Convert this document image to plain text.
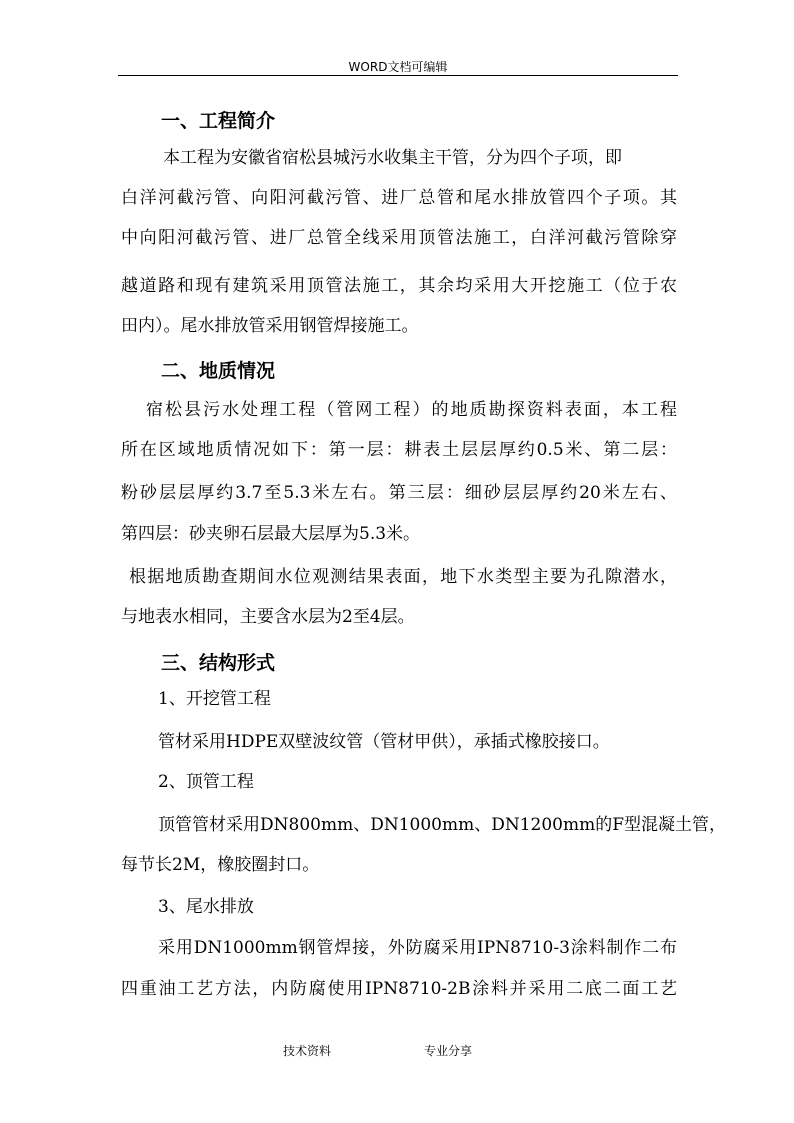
WORD文档可编辑
一、工程简介
本工程为安徽省宿松县城污水收集主干管，分为四个子项，即
白洋河截污管、向阳河截污管、进厂总管和尾水排放管四个子项。其
中向阳河截污管、进厂总管全线采用顶管法施工，白洋河截污管除穿
越道路和现有建筑采用顶管法施工，其余均采用大开挖施工（位于农
田内）。尾水排放管采用钢管焊接施工。
二、地质情况
宿松县污水处理工程（管网工程）的地质勘探资料表面，本工程
所在区域地质情况如下：第一层：耕表土层层厚约0.5米、第二层：
粉砂层层厚约3.7至5.3米左右。第三层：细砂层层厚约20米左右、
第四层：砂夹卵石层最大层厚为5.3米。
根据地质勘查期间水位观测结果表面，地下水类型主要为孔隙潜水，
与地表水相同，主要含水层为2至4层。
三、结构形式
1、开挖管工程
管材采用HDPE双壁波纹管（管材甲供），承插式橡胶接口。
2、顶管工程
顶管管材采用DN800mm、DN1000mm、DN1200mm的F型混凝土管，
每节长2M，橡胶圈封口。
3、尾水排放
采用DN1000mm钢管焊接，外防腐采用IPN8710-3涂料制作二布
四重油工艺方法，内防腐使用IPN8710-2B涂料并采用二底二面工艺
技术资料	专业分享
